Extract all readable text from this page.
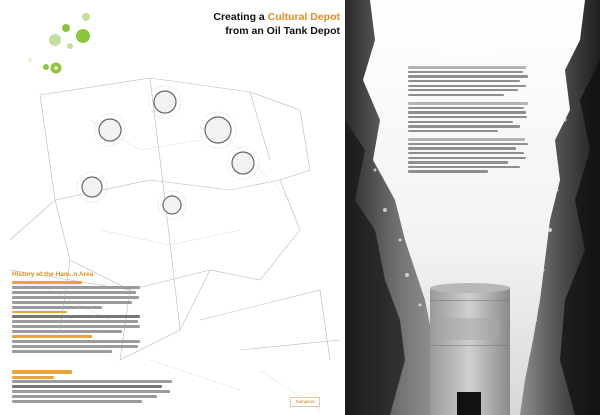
Creating a Cultural Depot
from an Oil Tank Depot
History of the Ham..n Area
Sampson
Understanding the story of
the Pieve Oil Depot
